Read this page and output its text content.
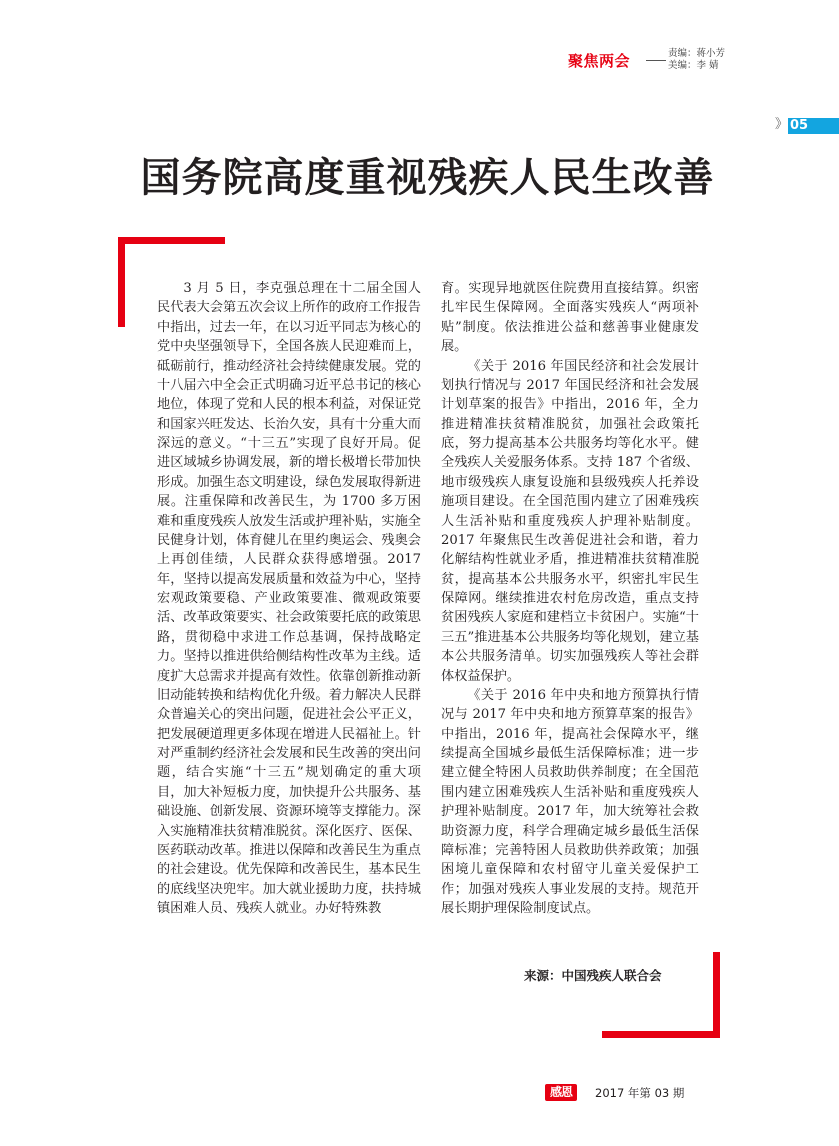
聚焦两会	责编：蒋小芳
美编：李 婧
》 05
国务院高度重视残疾人民生改善

3 月 5 日，李克强总理在十二届全国人民代表大会第五次会议上所作的政府工作报告中指出，过去一年，在以习近平同志为核心的党中央坚强领导下，全国各族人民迎难而上，砥砺前行，推动经济社会持续健康发展。党的十八届六中全会正式明确习近平总书记的核心地位，体现了党和人民的根本利益，对保证党和国家兴旺发达、长治久安，具有十分重大而深远的意义。“十三五”实现了良好开局。促进区域城乡协调发展，新的增长极增长带加快形成。加强生态文明建设，绿色发展取得新进展。注重保障和改善民生，为 1700 多万困难和重度残疾人放发生活或护理补贴，实施全民健身计划，体育健儿在里约奥运会、残奥会上再创佳绩，人民群众获得感增强。2017 年，坚持以提高发展质量和效益为中心，坚持宏观政策要稳、产业政策要准、微观政策要活、改革政策要实、社会政策要托底的政策思路，贯彻稳中求进工作总基调，保持战略定力。坚持以推进供给侧结构性改革为主线。适度扩大总需求并提高有效性。依靠创新推动新旧动能转换和结构优化升级。着力解决人民群众普遍关心的突出问题，促进社会公平正义，把发展硬道理更多体现在增进人民福祉上。针对严重制约经济社会发展和民生改善的突出问题，结合实施“十三五”规划确定的重大项目，加大补短板力度，加快提升公共服务、基础设施、创新发展、资源环境等支撑能力。深入实施精准扶贫精准脱贫。深化医疗、医保、医药联动改革。推进以保障和改善民生为重点的社会建设。优先保障和改善民生，基本民生的底线坚决兜牢。加大就业援助力度，扶持城镇困难人员、残疾人就业。办好特殊教

育。实现异地就医住院费用直接结算。织密扎牢民生保障网。全面落实残疾人“两项补贴”制度。依法推进公益和慈善事业健康发展。

《关于 2016 年国民经济和社会发展计划执行情况与 2017 年国民经济和社会发展计划草案的报告》中指出，2016 年，全力推进精准扶贫精准脱贫，加强社会政策托底，努力提高基本公共服务均等化水平。健全残疾人关爱服务体系。支持 187 个省级、地市级残疾人康复设施和县级残疾人托养设施项目建设。在全国范围内建立了困难残疾人生活补贴和重度残疾人护理补贴制度。2017 年聚焦民生改善促进社会和谐，着力化解结构性就业矛盾，推进精准扶贫精准脱贫，提高基本公共服务水平，织密扎牢民生保障网。继续推进农村危房改造，重点支持贫困残疾人家庭和建档立卡贫困户。实施“十三五”推进基本公共服务均等化规划，建立基本公共服务清单。切实加强残疾人等社会群体权益保护。

《关于 2016 年中央和地方预算执行情况与 2017 年中央和地方预算草案的报告》中指出，2016 年，提高社会保障水平，继续提高全国城乡最低生活保障标准；进一步建立健全特困人员救助供养制度；在全国范围内建立困难残疾人生活补贴和重度残疾人护理补贴制度。2017 年，加大统筹社会救助资源力度，科学合理确定城乡最低生活保障标准；完善特困人员救助供养政策；加强困境儿童保障和农村留守儿童关爱保护工作；加强对残疾人事业发展的支持。规范开展长期护理保险制度试点。

来源：中国残疾人联合会
感恩	2017 年第 03 期
